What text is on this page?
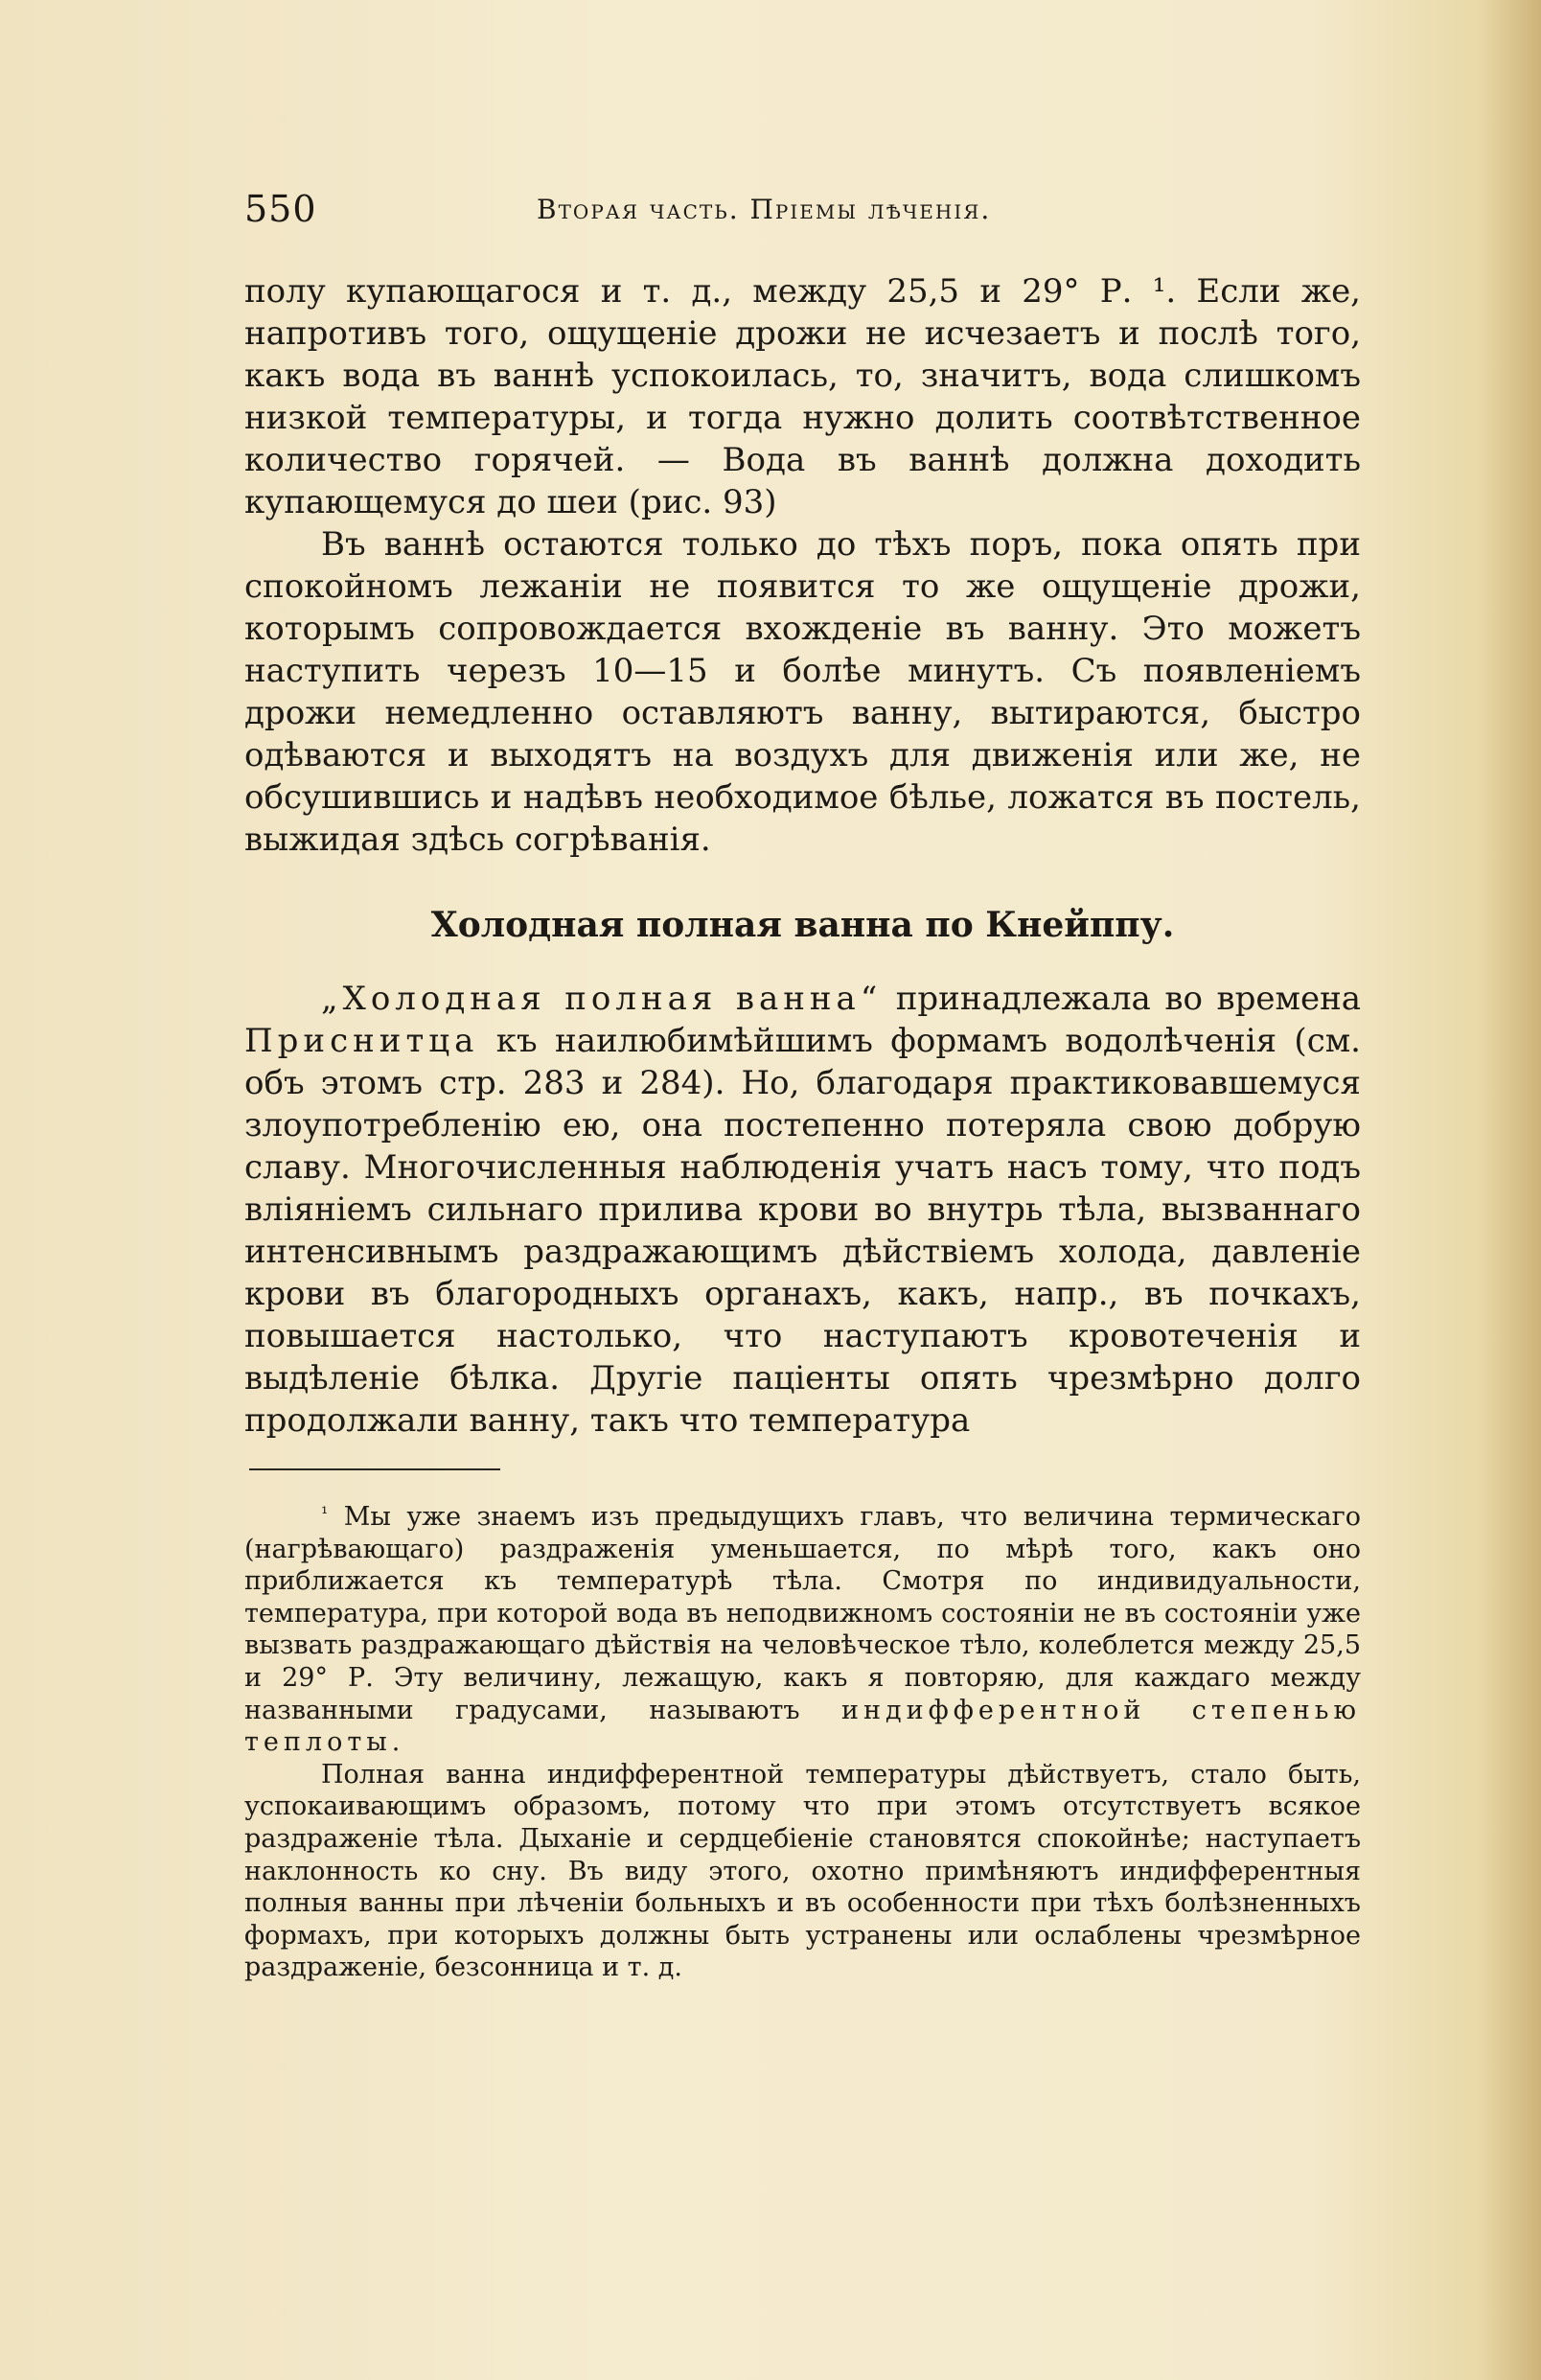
550	Вторая часть. Пріемы лѣченія.

полу купающагося и т. д., между 25,5 и 29° Р. ¹. Если же, напротивъ того, ощущеніе дрожи не исчезаетъ и послѣ того, какъ вода въ ваннѣ успокоилась, то, значитъ, вода слишкомъ низкой температуры, и тогда нужно долить соотвѣтственное количество горячей. — Вода въ ваннѣ должна доходить купающемуся до шеи (рис. 93)

Въ ваннѣ остаются только до тѣхъ поръ, пока опять при спокойномъ лежаніи не появится то же ощущеніе дрожи, которымъ сопровождается вхожденіе въ ванну. Это можетъ наступить черезъ 10—15 и болѣе минутъ. Съ появленіемъ дрожи немедленно оставляютъ ванну, вытираются, быстро одѣваются и выходятъ на воздухъ для движенія или же, не обсушившись и надѣвъ необходимое бѣлье, ложатся въ постель, выжидая здѣсь согрѣванія.

Холодная полная ванна по Кнейппу.

„Холодная полная ванна“ принадлежала во времена Приснитца къ наилюбимѣйшимъ формамъ водолѣченія (см. объ этомъ стр. 283 и 284). Но, благодаря практиковавшемуся злоупотребленію ею, она постепенно потеряла свою добрую славу. Многочисленныя наблюденія учатъ насъ тому, что подъ вліяніемъ сильнаго прилива крови во внутрь тѣла, вызваннаго интенсивнымъ раздражающимъ дѣйствіемъ холода, давленіе крови въ благородныхъ органахъ, какъ, напр., въ почкахъ, повышается настолько, что наступаютъ кровотеченія и выдѣленіе бѣлка. Другіе паціенты опять чрезмѣрно долго продолжали ванну, такъ что температура

$^{^1}$ Мы уже знаемъ изъ предыдущихъ главъ, что величина термическаго (нагрѣвающаго) раздраженія уменьшается, по мѣрѣ того, какъ оно приближается къ температурѣ тѣла. Смотря по индивидуальности, температура, при которой вода въ неподвижномъ состояніи не въ состояніи уже вызвать раздражающаго дѣйствія на человѣческое тѣло, колеблется между 25,5 и 29° Р. Эту величину, лежащую, какъ я повторяю, для каждаго между названными градусами, называютъ индифферентной степенью теплоты.

Полная ванна индифферентной температуры дѣйствуетъ, стало быть, успокаивающимъ образомъ, потому что при этомъ отсутствуетъ всякое раздраженіе тѣла. Дыханіе и сердцебіеніе становятся спокойнѣе; наступаетъ наклонность ко сну. Въ виду этого, охотно примѣняютъ индифферентныя полныя ванны при лѣченіи больныхъ и въ особенности при тѣхъ болѣзненныхъ формахъ, при которыхъ должны быть устранены или ослаблены чрезмѣрное раздраженіе, безсонница и т. д.
